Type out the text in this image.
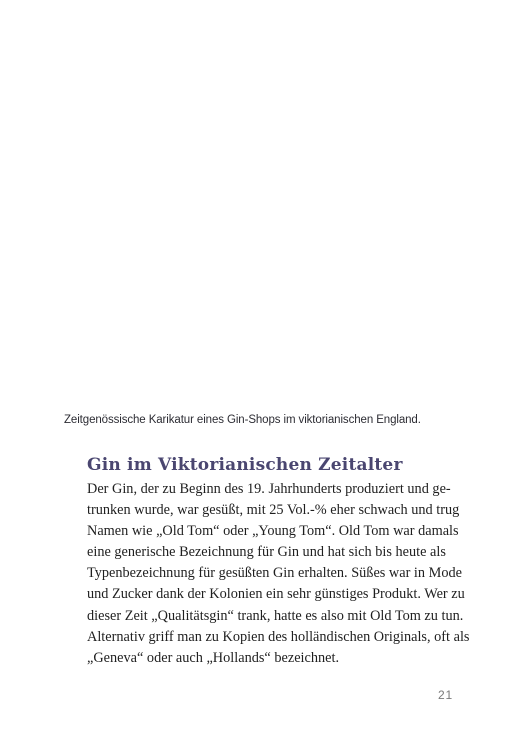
Zeitgenössische Karikatur eines Gin-Shops im viktorianischen England.
Gin im Viktorianischen Zeitalter
Der Gin, der zu Beginn des 19. Jahrhunderts produziert und ge-
trunken wurde, war gesüßt, mit 25 Vol.-% eher schwach und trug
Namen wie „Old Tom“ oder „Young Tom“. Old Tom war damals
eine generische Bezeichnung für Gin und hat sich bis heute als
Typenbezeichnung für gesüßten Gin erhalten. Süßes war in Mode
und Zucker dank der Kolonien ein sehr günstiges Produkt. Wer zu
dieser Zeit „Qualitätsgin“ trank, hatte es also mit Old Tom zu tun.
Alternativ griff man zu Kopien des holländischen Originals, oft als
„Geneva“ oder auch „Hollands“ bezeichnet.
21
